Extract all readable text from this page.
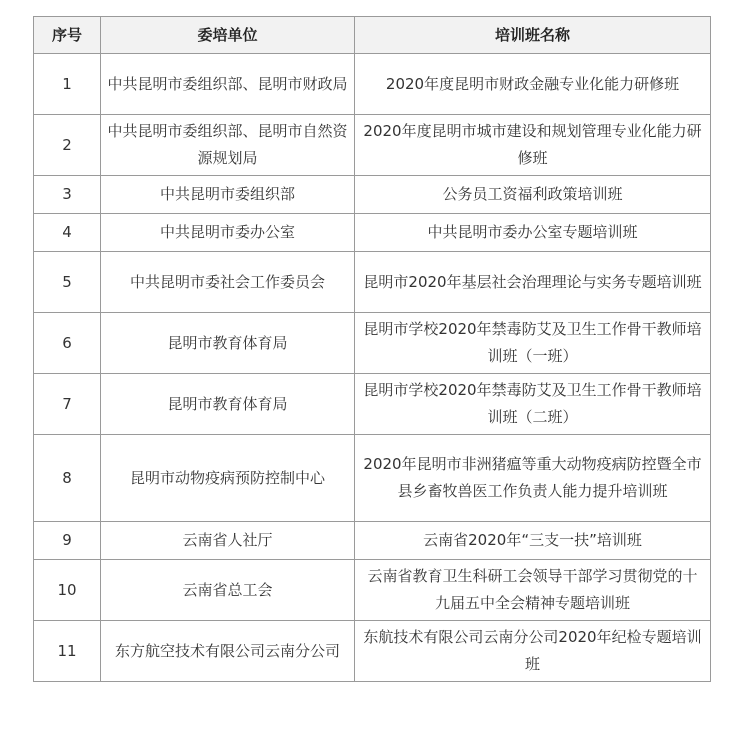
序号	委培单位	培训班名称
1	中共昆明市委组织部、昆明市财政局	2020年度昆明市财政金融专业化能力研修班
2	中共昆明市委组织部、昆明市自然资源规划局	2020年度昆明市城市建设和规划管理专业化能力研修班
3	中共昆明市委组织部	公务员工资福利政策培训班
4	中共昆明市委办公室	中共昆明市委办公室专题培训班
5	中共昆明市委社会工作委员会	昆明市2020年基层社会治理理论与实务专题培训班
6	昆明市教育体育局	昆明市学校2020年禁毒防艾及卫生工作骨干教师培训班（一班）
7	昆明市教育体育局	昆明市学校2020年禁毒防艾及卫生工作骨干教师培训班（二班）
8	昆明市动物疫病预防控制中心	2020年昆明市非洲猪瘟等重大动物疫病防控暨全市县乡畜牧兽医工作负责人能力提升培训班
9	云南省人社厅	云南省2020年“三支一扶”培训班
10	云南省总工会	云南省教育卫生科研工会领导干部学习贯彻党的十九届五中全会精神专题培训班
11	东方航空技术有限公司云南分公司	东航技术有限公司云南分公司2020年纪检专题培训班
